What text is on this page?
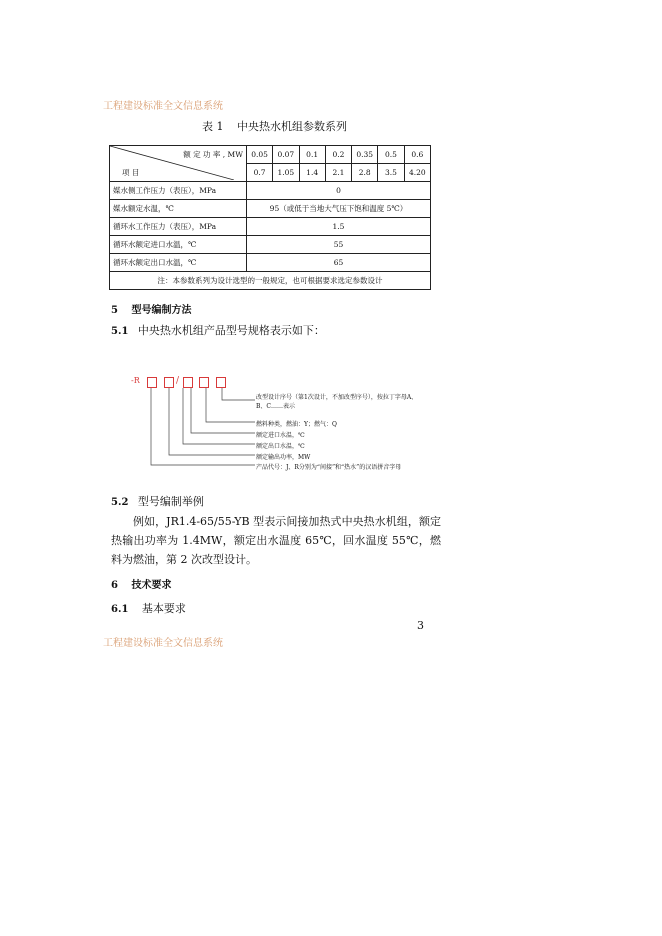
工程建设标准全文信息系统
表 1 中央热水机组参数系列
额 定 功 率 , MW
项 目	0.05	0.07	0.1	0.2	0.35	0.5	0.6
	0.7	1.05	1.4	2.1	2.8	3.5	4.20
媒水侧工作压力（表压），MPa	0						
媒水额定水温，℃	95（或低于当地大气压下饱和温度 5℃）						
循环水工作压力（表压），MPa	1.5						
循环水额定进口水温，℃	55						
循环水额定出口水温，℃	65						
注：本参数系列为设计选型的一般规定，也可根据要求选定参数设计							
5 型号编制方法
5.1 中央热水机组产品型号规格表示如下：
-R	/
改型设计序号（第1次设计，不加改型序号），按拉丁字母A、B、C……表示
燃料种类，燃油：Y；燃气：Q
额定进口水温，℃
额定出口水温，℃
额定输出功率，MW
产品代号：J、R分别为“间接”和“热水”的汉语拼音字母
5.2 型号编制举例
例如，JR1.4-65/55-YB 型表示间接加热式中央热水机组，额定热输出功率为 1.4MW，额定出水温度 65℃，回水温度 55℃，燃料为燃油，第 2 次改型设计。
6 技术要求
6.1 基本要求
3
工程建设标准全文信息系统
